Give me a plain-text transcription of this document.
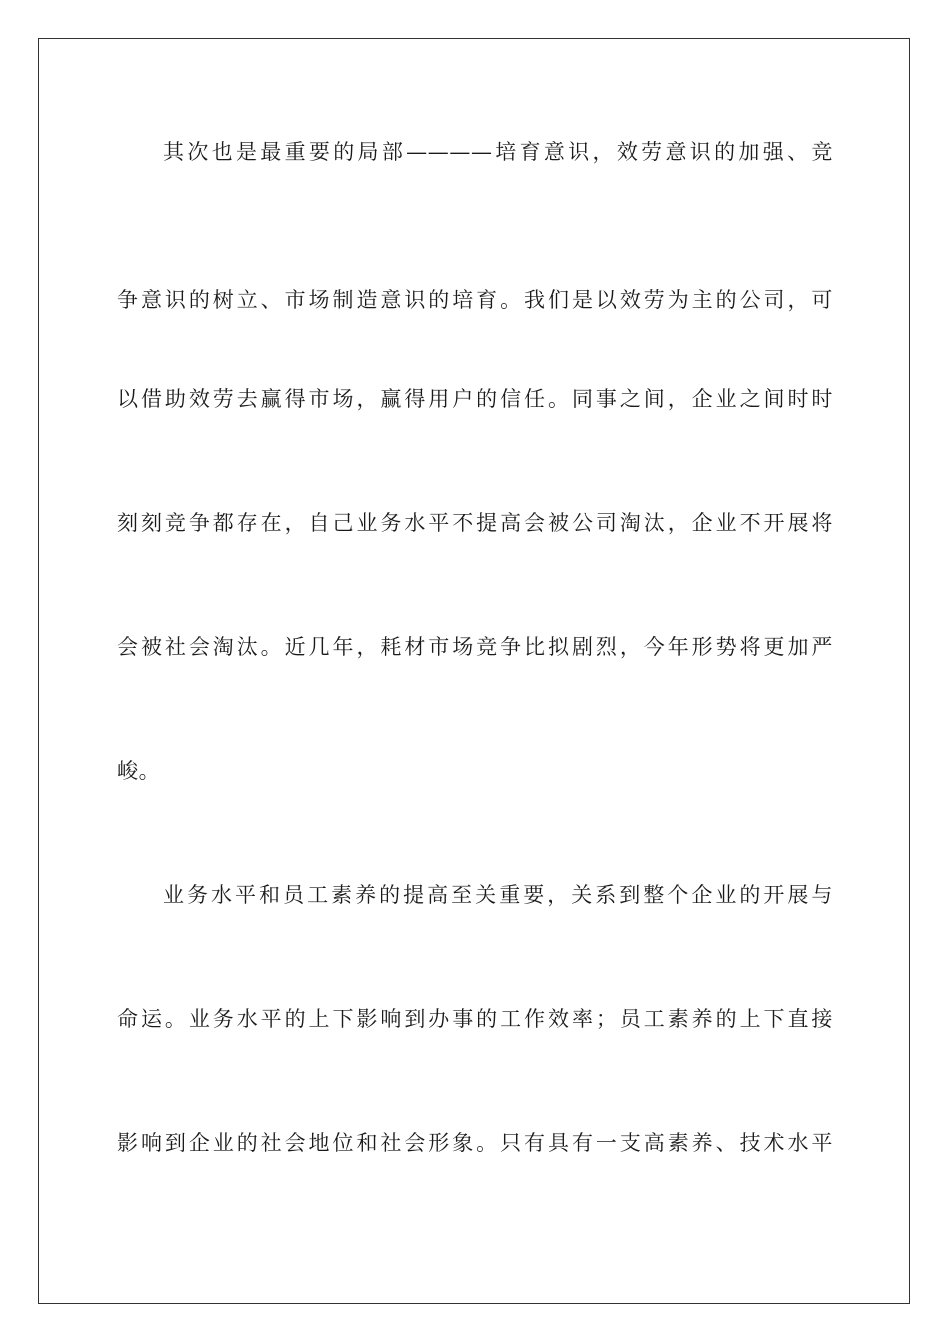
其次也是最重要的局部————培育意识，效劳意识的加强、竞
争意识的树立、市场制造意识的培育。我们是以效劳为主的公司，可
以借助效劳去赢得市场，赢得用户的信任。同事之间，企业之间时时
刻刻竞争都存在，自己业务水平不提高会被公司淘汰，企业不开展将
会被社会淘汰。近几年，耗材市场竞争比拟剧烈，今年形势将更加严
峻。
业务水平和员工素养的提高至关重要，关系到整个企业的开展与
命运。业务水平的上下影响到办事的工作效率；员工素养的上下直接
影响到企业的社会地位和社会形象。只有具有一支高素养、技术水平
